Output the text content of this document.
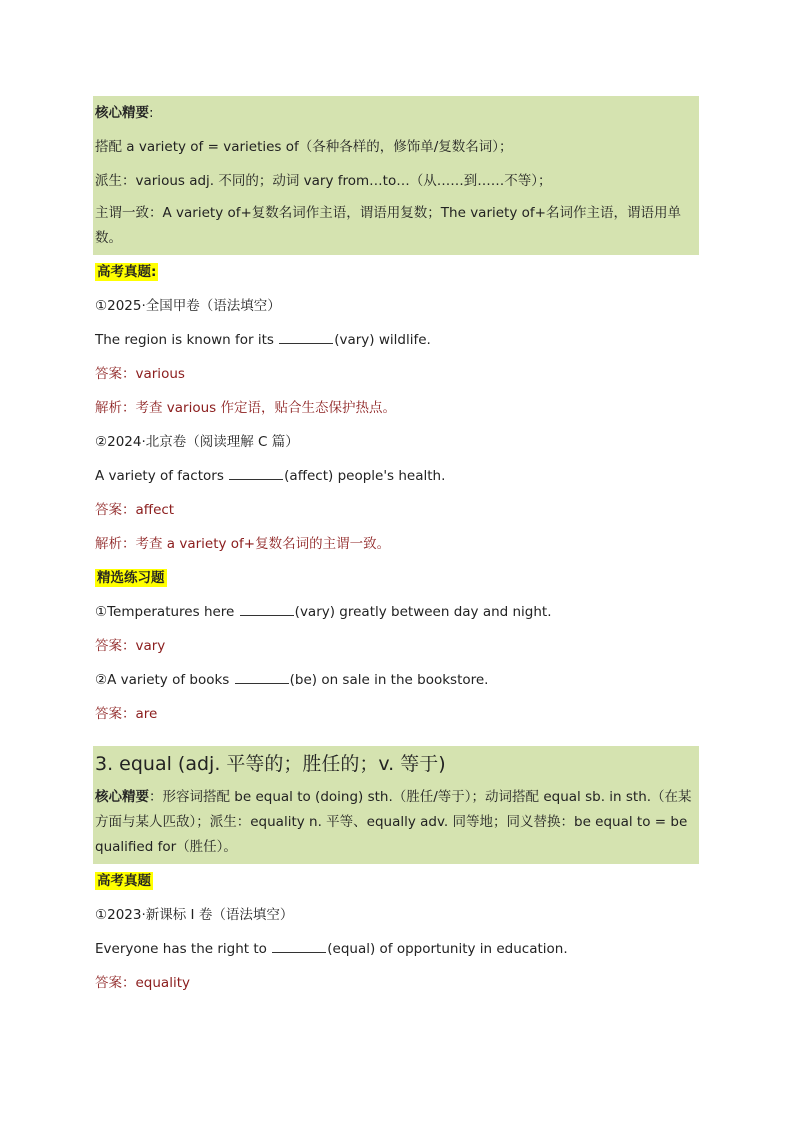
核心精要:
搭配 a variety of = varieties of（各种各样的，修饰单/复数名词）；
派生：various adj. 不同的；动词 vary from…to…（从……到……不等）；
主谓一致：A variety of+复数名词作主语，谓语用复数；The variety of+名词作主语，谓语用单数。
高考真题:
①2025·全国甲卷（语法填空）
The region is known for its	(vary) wildlife.
答案：various
解析：考查 various 作定语，贴合生态保护热点。
②2024·北京卷（阅读理解 C 篇）
A variety of factors	(affect) people's health.
答案：affect
解析：考查 a variety of+复数名词的主谓一致。
精选练习题
①Temperatures here	(vary) greatly between day and night.
答案：vary
②A variety of books	(be) on sale in the bookstore.
答案：are
3. equal (adj. 平等的；胜任的；v. 等于)
核心精要：形容词搭配 be equal to (doing) sth.（胜任/等于）；动词搭配 equal sb. in sth.（在某方面与某人匹敌）；派生：equality n. 平等、equally adv. 同等地；同义替换：be equal to = be qualified for（胜任）。
高考真题
①2023·新课标 I 卷（语法填空）
Everyone has the right to	(equal) of opportunity in education.
答案：equality
